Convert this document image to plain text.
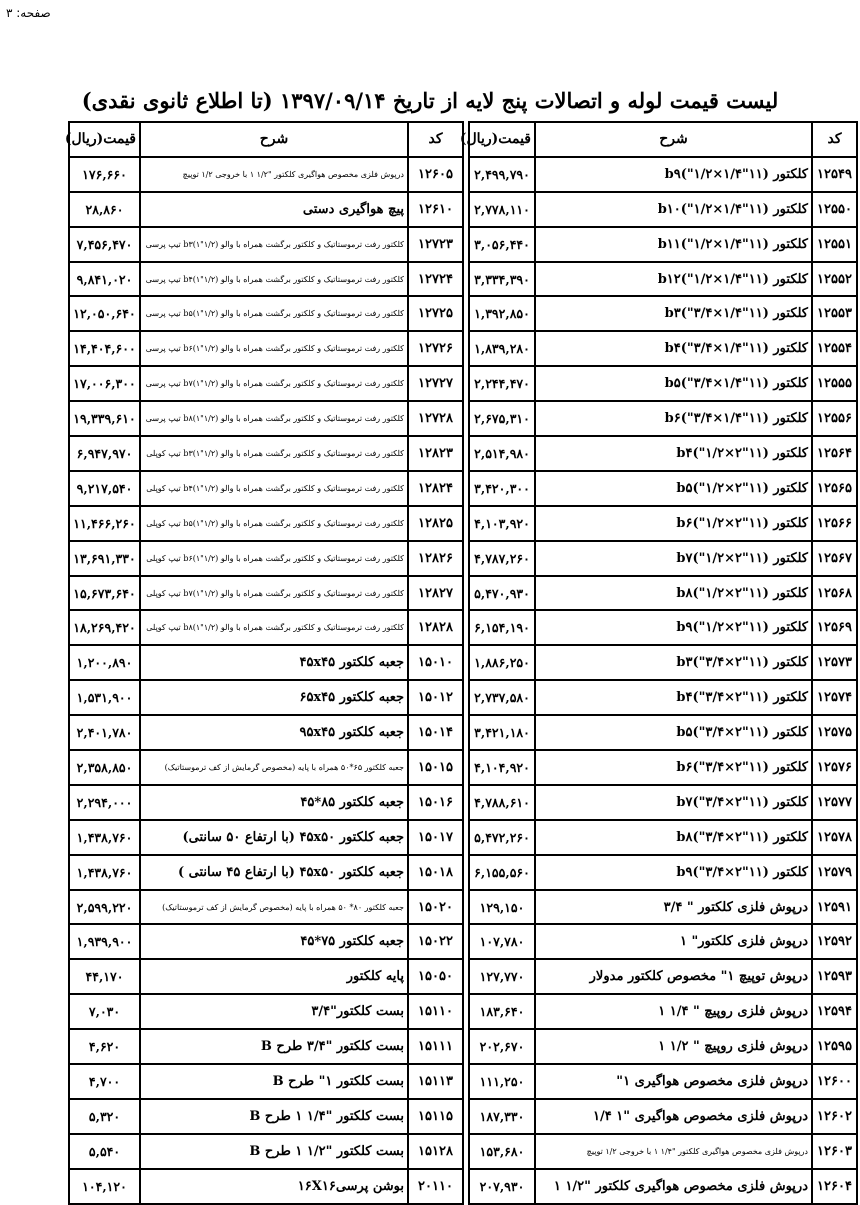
صفحه: ۳
لیست قیمت لوله و اتصالات پنج لایه از تاریخ ۱۳۹۷/۰۹/۱۴ (تا اطلاع ثانوی نقدی)
کد	شرح	قیمت(ریال)		کد	شرح	قیمت(ریال)
۱۲۵۴۹	کلکتور b۹("۱/۲×۱/۴"۱۱)	۲,۴۹۹,۷۹۰		۱۲۶۰۵	درپوش فلزی مخصوص هواگیری کلکتور "۱/۲ ۱ با خروجی ۱/۲ توپیچ	۱۷۶,۶۶۰
۱۲۵۵۰	کلکتور b۱۰("۱/۲×۱/۴"۱۱)	۲,۷۷۸,۱۱۰		۱۲۶۱۰	پیچ هواگیری دستی	۲۸,۸۶۰
۱۲۵۵۱	کلکتور b۱۱("۱/۲×۱/۴"۱۱)	۳,۰۵۶,۴۴۰		۱۲۷۲۳	کلکتور رفت ترموستاتیک و کلکتور برگشت همراه با والو (۱/۲"۱)b۳ تیپ پرسی	۷,۴۵۶,۴۷۰
۱۲۵۵۲	کلکتور b۱۲("۱/۲×۱/۴"۱۱)	۳,۳۳۴,۳۹۰		۱۲۷۲۴	کلکتور رفت ترموستاتیک و کلکتور برگشت همراه با والو (۱/۲"۱)b۴ تیپ پرسی	۹,۸۴۱,۰۲۰
۱۲۵۵۳	کلکتور b۳("۳/۴×۱/۴"۱۱)	۱,۳۹۲,۸۵۰		۱۲۷۲۵	کلکتور رفت ترموستاتیک و کلکتور برگشت همراه با والو (۱/۲"۱)b۵ تیپ پرسی	۱۲,۰۵۰,۶۴۰
۱۲۵۵۴	کلکتور b۴("۳/۴×۱/۴"۱۱)	۱,۸۳۹,۲۸۰		۱۲۷۲۶	کلکتور رفت ترموستاتیک و کلکتور برگشت همراه با والو (۱/۲"۱)b۶ تیپ پرسی	۱۴,۴۰۴,۶۰۰
۱۲۵۵۵	کلکتور b۵("۳/۴×۱/۴"۱۱)	۲,۲۴۴,۴۷۰		۱۲۷۲۷	کلکتور رفت ترموستاتیک و کلکتور برگشت همراه با والو (۱/۲"۱)b۷ تیپ پرسی	۱۷,۰۰۶,۳۰۰
۱۲۵۵۶	کلکتور b۶("۳/۴×۱/۴"۱۱)	۲,۶۷۵,۳۱۰		۱۲۷۲۸	کلکتور رفت ترموستاتیک و کلکتور برگشت همراه با والو (۱/۲"۱)b۸ تیپ پرسی	۱۹,۳۳۹,۶۱۰
۱۲۵۶۴	کلکتور b۴("۱/۲×۲"۱۱)	۲,۵۱۴,۹۸۰		۱۲۸۲۳	کلکتور رفت ترموستاتیک و کلکتور برگشت همراه با والو (۱/۲"۱)b۳ تیپ کوپلی	۶,۹۴۷,۹۷۰
۱۲۵۶۵	کلکتور b۵("۱/۲×۲"۱۱)	۳,۴۲۰,۳۰۰		۱۲۸۲۴	کلکتور رفت ترموستاتیک و کلکتور برگشت همراه با والو (۱/۲"۱)b۴ تیپ کوپلی	۹,۲۱۷,۵۴۰
۱۲۵۶۶	کلکتور b۶("۱/۲×۲"۱۱)	۴,۱۰۳,۹۲۰		۱۲۸۲۵	کلکتور رفت ترموستاتیک و کلکتور برگشت همراه با والو (۱/۲"۱)b۵ تیپ کوپلی	۱۱,۴۶۶,۲۶۰
۱۲۵۶۷	کلکتور b۷("۱/۲×۲"۱۱)	۴,۷۸۷,۲۶۰		۱۲۸۲۶	کلکتور رفت ترموستاتیک و کلکتور برگشت همراه با والو (۱/۲"۱)b۶ تیپ کوپلی	۱۳,۶۹۱,۳۳۰
۱۲۵۶۸	کلکتور b۸("۱/۲×۲"۱۱)	۵,۴۷۰,۹۳۰		۱۲۸۲۷	کلکتور رفت ترموستاتیک و کلکتور برگشت همراه با والو (۱/۲"۱)b۷ تیپ کوپلی	۱۵,۶۷۳,۶۴۰
۱۲۵۶۹	کلکتور b۹("۱/۲×۲"۱۱)	۶,۱۵۴,۱۹۰		۱۲۸۲۸	کلکتور رفت ترموستاتیک و کلکتور برگشت همراه با والو (۱/۲"۱)b۸ تیپ کوپلی	۱۸,۲۶۹,۴۲۰
۱۲۵۷۳	کلکتور b۳("۳/۴×۲"۱۱)	۱,۸۸۶,۲۵۰		۱۵۰۱۰	جعبه کلکتور ۴۵x۴۵	۱,۲۰۰,۸۹۰
۱۲۵۷۴	کلکتور b۴("۳/۴×۲"۱۱)	۲,۷۳۷,۵۸۰		۱۵۰۱۲	جعبه کلکتور ۶۵x۴۵	۱,۵۳۱,۹۰۰
۱۲۵۷۵	کلکتور b۵("۳/۴×۲"۱۱)	۳,۴۲۱,۱۸۰		۱۵۰۱۴	جعبه کلکتور ۹۵x۴۵	۲,۴۰۱,۷۸۰
۱۲۵۷۶	کلکتور b۶("۳/۴×۲"۱۱)	۴,۱۰۴,۹۲۰		۱۵۰۱۵	جعبه کلکتور ۶۵*۵۰ همراه با پایه (مخصوص گرمایش از کف ترموستاتیک)	۲,۳۵۸,۸۵۰
۱۲۵۷۷	کلکتور b۷("۳/۴×۲"۱۱)	۴,۷۸۸,۶۱۰		۱۵۰۱۶	جعبه کلکتور ۸۵*۴۵	۲,۲۹۴,۰۰۰
۱۲۵۷۸	کلکتور b۸("۳/۴×۲"۱۱)	۵,۴۷۲,۲۶۰		۱۵۰۱۷	جعبه کلکتور ۴۵x۵۰ (با ارتفاع ۵۰ سانتی)	۱,۴۳۸,۷۶۰
۱۲۵۷۹	کلکتور b۹("۳/۴×۲"۱۱)	۶,۱۵۵,۵۶۰		۱۵۰۱۸	جعبه کلکتور ۴۵x۵۰ (با ارتفاع ۴۵ سانتی )	۱,۴۳۸,۷۶۰
۱۲۵۹۱	درپوش فلزی کلکتور " ۳/۴	۱۲۹,۱۵۰		۱۵۰۲۰	جعبه کلکتور ۸۰* ۵۰ همراه با پایه (مخصوص گرمایش از کف ترموستاتیک)	۲,۵۹۹,۲۲۰
۱۲۵۹۲	درپوش فلزی کلکتور" ۱	۱۰۷,۷۸۰		۱۵۰۲۲	جعبه کلکتور ۷۵*۴۵	۱,۹۳۹,۹۰۰
۱۲۵۹۳	درپوش توپیچ ۱" مخصوص کلکتور مدولار	۱۲۷,۷۷۰		۱۵۰۵۰	پایه کلکتور	۴۴,۱۷۰
۱۲۵۹۴	درپوش فلزی روپیچ " ۱/۴ ۱	۱۸۳,۶۴۰		۱۵۱۱۰	بست کلکتور"۳/۴	۷,۰۳۰
۱۲۵۹۵	درپوش فلزی روپیچ " ۱/۲ ۱	۲۰۲,۶۷۰		۱۵۱۱۱	بست کلکتور "۳/۴ طرح B	۴,۶۲۰
۱۲۶۰۰	درپوش فلزی مخصوص هواگیری ۱"	۱۱۱,۲۵۰		۱۵۱۱۳	بست کلکتور ۱" طرح B	۴,۷۰۰
۱۲۶۰۲	درپوش فلزی مخصوص هواگیری "۱ ۱/۴	۱۸۷,۳۳۰		۱۵۱۱۵	بست کلکتور "۱/۴ ۱ طرح B	۵,۳۲۰
۱۲۶۰۳	درپوش فلزی مخصوص هواگیری کلکتور "۱/۴ ۱ با خروجی ۱/۲ توپیچ	۱۵۳,۶۸۰		۱۵۱۲۸	بست کلکتور "۱/۲ ۱ طرح B	۵,۵۴۰
۱۲۶۰۴	درپوش فلزی مخصوص هواگیری کلکتور "۱/۲ ۱	۲۰۷,۹۳۰		۲۰۱۱۰	بوشن پرسی۱۶X۱۶	۱۰۴,۱۲۰
